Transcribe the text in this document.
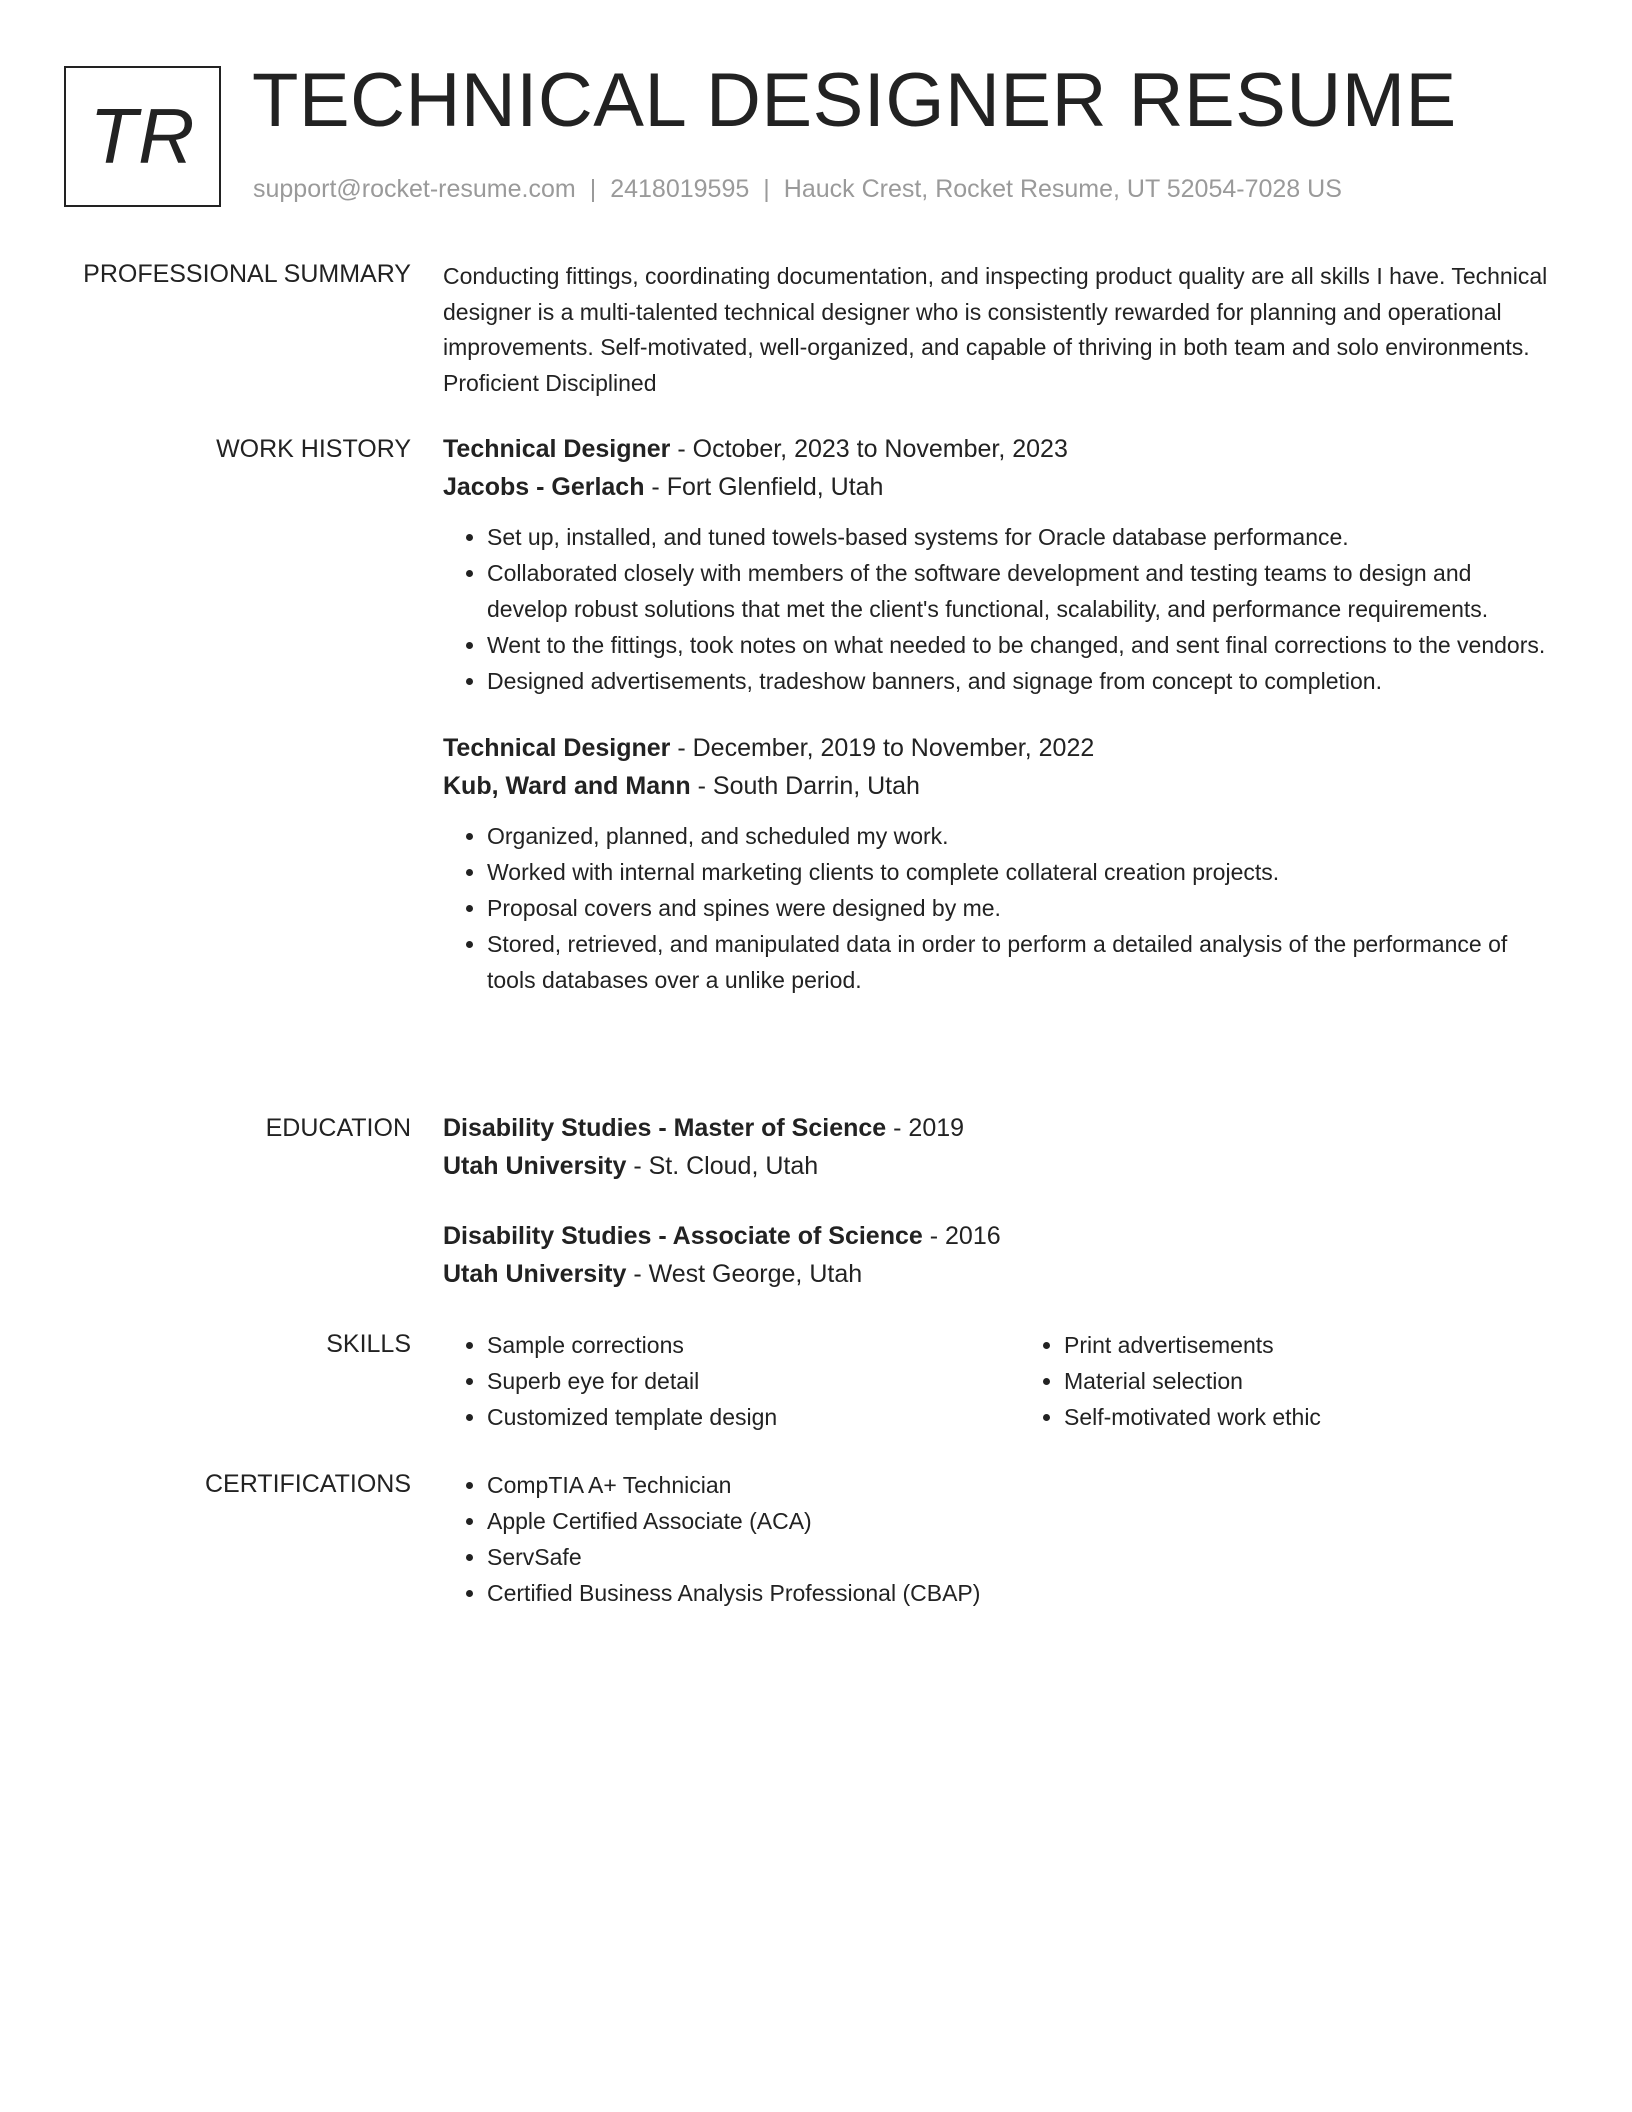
TR TECHNICAL DESIGNER RESUME
support@rocket-resume.com | 2418019595 | Hauck Crest, Rocket Resume, UT 52054-7028 US
PROFESSIONAL SUMMARY Conducting fittings, coordinating documentation, and inspecting product quality are all skills I have. Technical designer is a multi-talented technical designer who is consistently rewarded for planning and operational improvements. Self-motivated, well-organized, and capable of thriving in both team and solo environments. Proficient Disciplined

WORK HISTORY Technical Designer - October, 2023 to November, 2023
Jacobs - Gerlach - Fort Glenfield, Utah
• Set up, installed, and tuned towels-based systems for Oracle database performance.
• Collaborated closely with members of the software development and testing teams to design and develop robust solutions that met the client's functional, scalability, and performance requirements.
• Went to the fittings, took notes on what needed to be changed, and sent final corrections to the vendors.
• Designed advertisements, tradeshow banners, and signage from concept to completion.
Technical Designer - December, 2019 to November, 2022
Kub, Ward and Mann - South Darrin, Utah
• Organized, planned, and scheduled my work.
• Worked with internal marketing clients to complete collateral creation projects.
• Proposal covers and spines were designed by me.
• Stored, retrieved, and manipulated data in order to perform a detailed analysis of the performance of tools databases over a unlike period.
EDUCATION Disability Studies - Master of Science - 2019
Utah University - St. Cloud, Utah
Disability Studies - Associate of Science - 2016
Utah University - West George, Utah
SKILLS	• Sample corrections
• Superb eye for detail
• Customized template design
• Print advertisements
• Material selection
• Self-motivated work ethic
CERTIFICATIONS	• CompTIA A+ Technician
• Apple Certified Associate (ACA)
• ServSafe
• Certified Business Analysis Professional (CBAP)
